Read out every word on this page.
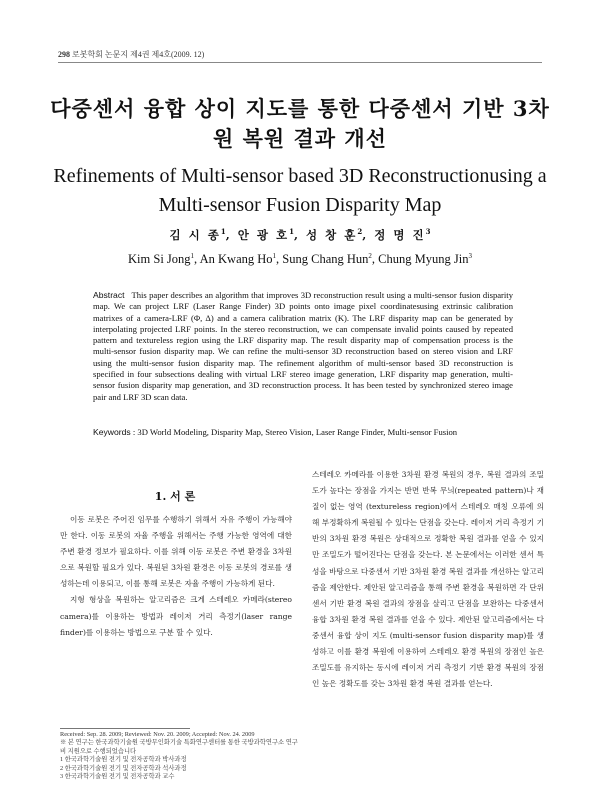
298 로봇학회 논문지 제4권 제4호(2009. 12)
다중센서 융합 상이 지도를 통한 다중센서 기반 3차원 복원 결과 개선
Refinements of Multi-sensor based 3D Reconstructionusing a Multi-sensor Fusion Disparity Map
김 시 종$^1$, 안 광 호$^1$, 성 창 훈$^2$, 정 명 진$^3$
Kim Si Jong$^1$, An Kwang Ho$^1$, Sung Chang Hun$^2$, Chung Myung Jin$^3$
Abstract This paper describes an algorithm that improves 3D reconstruction result using a multi-sensor fusion disparity map. We can project LRF (Laser Range Finder) 3D points onto image pixel coordinatesusing extrinsic calibration matrixes of a camera-LRF (Φ, Δ) and a camera calibration matrix (K). The LRF disparity map can be generated by interpolating projected LRF points. In the stereo reconstruction, we can compensate invalid points caused by repeated pattern and textureless region using the LRF disparity map. The result disparity map of compensation process is the multi-sensor fusion disparity map. We can refine the multi-sensor 3D reconstruction based on stereo vision and LRF using the multi-sensor fusion disparity map. The refinement algorithm of multi-sensor based 3D reconstruction is specified in four subsections dealing with virtual LRF stereo image generation, LRF disparity map generation, multi-sensor fusion disparity map generation, and 3D reconstruction process. It has been tested by synchronized stereo image pair and LRF 3D scan data.
Keywords : 3D World Modeling, Disparity Map, Stereo Vision, Laser Range Finder, Multi-sensor Fusion
1. 서 론

이동 로봇은 주어진 임무를 수행하기 위해서 자유 주행이 가능해야만 한다. 이동 로봇의 자율 주행을 위해서는 주행 가능한 영역에 대한 주변 환경 정보가 필요하다. 이를 위해 이동 로봇은 주변 환경을 3차원으로 복원할 필요가 있다. 복원된 3차원 환경은 이동 로봇의 경로를 생성하는데 이용되고, 이를 통해 로봇은 자율 주행이 가능하게 된다.

지형 형상을 복원하는 알고리즘은 크게 스테레오 카메라(stereo camera)를 이용하는 방법과 레이저 거리 측정기(laser range finder)를 이용하는 방법으로 구분 할 수 있다.

스테레오 카메라를 이용한 3차원 환경 복원의 경우, 복원 결과의 조밀도가 높다는 장점을 가지는 반면 반복 무늬(repeated pattern)나 재질이 없는 영역 (textureless region)에서 스테레오 매칭 오류에 의해 부정확하게 복원될 수 있다는 단점을 갖는다. 레이저 거리 측정기 기반의 3차원 환경 복원은 상대적으로 정확한 복원 결과를 얻을 수 있지만 조밀도가 떨어진다는 단점을 갖는다. 본 논문에서는 이러한 센서 특성을 바탕으로 다중센서 기반 3차원 환경 복원 결과를 개선하는 알고리즘을 제안한다. 제안된 알고리즘을 통해 주변 환경을 복원하면 각 단위센서 기반 환경 복원 결과의 장점을 살리고 단점을 보완하는 다중센서 융합 3차원 환경 복원 결과를 얻을 수 있다. 제안된 알고리즘에서는 다중센서 융합 상이 지도 (multi-sensor fusion disparity map)를 생성하고 이를 환경 복원에 이용하여 스테레오 환경 복원의 장점인 높은 조밀도를 유지하는 동시에 레이저 거리 측정기 기반 환경 복원의 장점인 높은 정확도를 갖는 3차원 환경 복원 결과를 얻는다.

Received: Sep. 28. 2009; Reviewed: Nov. 20. 2009; Accepted: Nov. 24. 2009
※ 본 연구는 한국과학기술원 국방무인화기술 특화연구센터를 통한 국방과학연구소 연구비 지원으로 수행되었습니다
1 한국과학기술원 전기 및 전자공학과 박사과정
2 한국과학기술원 전기 및 전자공학과 석사과정
3 한국과학기술원 전기 및 전자공학과 교수
